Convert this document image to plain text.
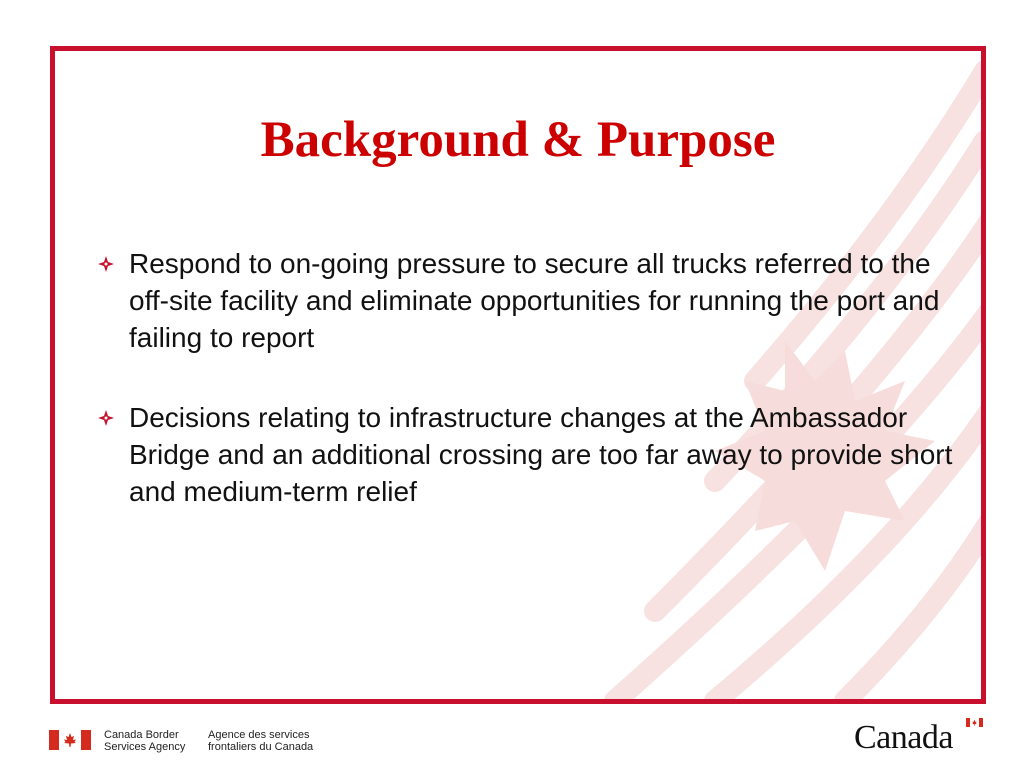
Background & Purpose
Respond to on-going pressure to secure all trucks referred to the off-site facility and eliminate opportunities for running the port and failing to report
Decisions relating to infrastructure changes at the Ambassador Bridge and an additional crossing are too far away to provide short and medium-term relief
Canada Border
Services Agency
Agence des services
frontaliers du Canada	Canada
